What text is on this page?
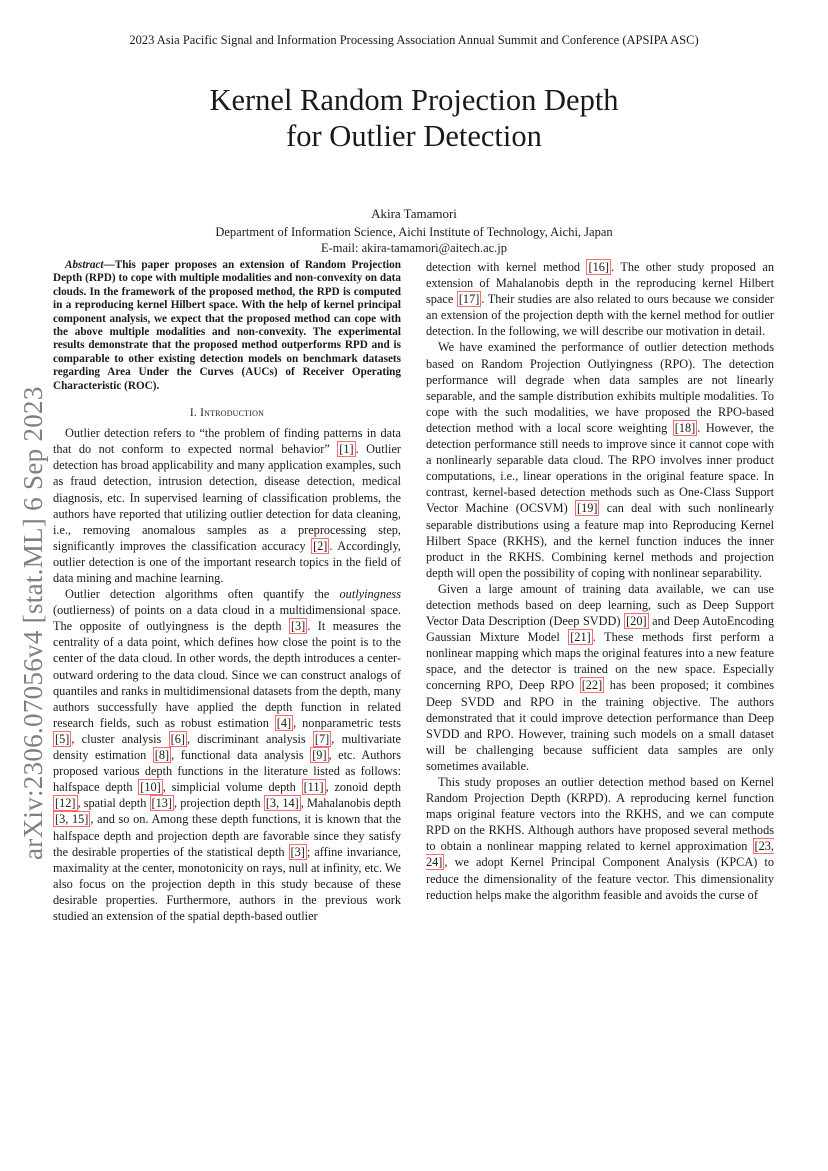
2023 Asia Pacific Signal and Information Processing Association Annual Summit and Conference (APSIPA ASC)
Kernel Random Projection Depth
for Outlier Detection
Akira Tamamori
Department of Information Science, Aichi Institute of Technology, Aichi, Japan
E-mail: akira-tamamori@aitech.ac.jp
arXiv:2306.07056v4 [stat.ML] 6 Sep 2023

Abstract—This paper proposes an extension of Random Projection Depth (RPD) to cope with multiple modalities and non-convexity on data clouds. In the framework of the proposed method, the RPD is computed in a reproducing kernel Hilbert space. With the help of kernel principal component analysis, we expect that the proposed method can cope with the above multiple modalities and non-convexity. The experimental results demonstrate that the proposed method outperforms RPD and is comparable to other existing detection models on benchmark datasets regarding Area Under the Curves (AUCs) of Receiver Operating Characteristic (ROC).

I. Introduction

Outlier detection refers to “the problem of finding patterns in data that do not conform to expected normal behavior” [1] . Outlier detection has broad applicability and many application examples, such as fraud detection, intrusion detection, disease detection, medical diagnosis, etc. In supervised learning of classification problems, the authors have reported that utilizing outlier detection for data cleaning, i.e., removing anomalous samples as a preprocessing step, significantly improves the classification accuracy [2] . Accordingly, outlier detection is one of the important research topics in the field of data mining and machine learning.

Outlier detection algorithms often quantify the outlyingness (outlierness) of points on a data cloud in a multidimensional space. The opposite of outlyingness is the depth [3] . It measures the centrality of a data point, which defines how close the point is to the center of the data cloud. In other words, the depth introduces a center-outward ordering to the data cloud. Since we can construct analogs of quantiles and ranks in multidimensional datasets from the depth, many authors successfully have applied the depth function in related research fields, such as robust estimation [4] , nonparametric tests [5] , cluster analysis [6] , discriminant analysis [7] , multivariate density estimation [8] , functional data analysis [9] , etc. Authors proposed various depth functions in the literature listed as follows: halfspace depth [10] , simplicial volume depth [11] , zonoid depth [12] , spatial depth [13] , projection depth [3, 14] , Mahalanobis depth [3, 15] , and so on. Among these depth functions, it is known that the halfspace depth and projection depth are favorable since they satisfy the desirable properties of the statistical depth [3] ; affine invariance, maximality at the center, monotonicity on rays, null at infinity, etc. We also focus on the projection depth in this study because of these desirable properties. Furthermore, authors in the previous work studied an extension of the spatial depth-based outlier

detection with kernel method [16] . The other study proposed an extension of Mahalanobis depth in the reproducing kernel Hilbert space [17] . Their studies are also related to ours because we consider an extension of the projection depth with the kernel method for outlier detection. In the following, we will describe our motivation in detail.

We have examined the performance of outlier detection methods based on Random Projection Outlyingness (RPO). The detection performance will degrade when data samples are not linearly separable, and the sample distribution exhibits multiple modalities. To cope with the such modalities, we have proposed the RPO-based detection method with a local score weighting [18] . However, the detection performance still needs to improve since it cannot cope with a nonlinearly separable data cloud. The RPO involves inner product computations, i.e., linear operations in the original feature space. In contrast, kernel-based detection methods such as One-Class Support Vector Machine (OCSVM) [19] can deal with such nonlinearly separable distributions using a feature map into Reproducing Kernel Hilbert Space (RKHS), and the kernel function induces the inner product in the RKHS. Combining kernel methods and projection depth will open the possibility of coping with nonlinear separability.

Given a large amount of training data available, we can use detection methods based on deep learning, such as Deep Support Vector Data Description (Deep SVDD) [20] and Deep AutoEncoding Gaussian Mixture Model [21] . These methods first perform a nonlinear mapping which maps the original features into a new feature space, and the detector is trained on the new space. Especially concerning RPO, Deep RPO [22] has been proposed; it combines Deep SVDD and RPO in the training objective. The authors demonstrated that it could improve detection performance than Deep SVDD and RPO. However, training such models on a small dataset will be challenging because sufficient data samples are only sometimes available.

This study proposes an outlier detection method based on Kernel Random Projection Depth (KRPD). A reproducing kernel function maps original feature vectors into the RKHS, and we can compute RPD on the RKHS. Although authors have proposed several methods to obtain a nonlinear mapping related to kernel approximation [23, 24] , we adopt Kernel Principal Component Analysis (KPCA) to reduce the dimensionality of the feature vector. This dimensionality reduction helps make the algorithm feasible and avoids the curse of
